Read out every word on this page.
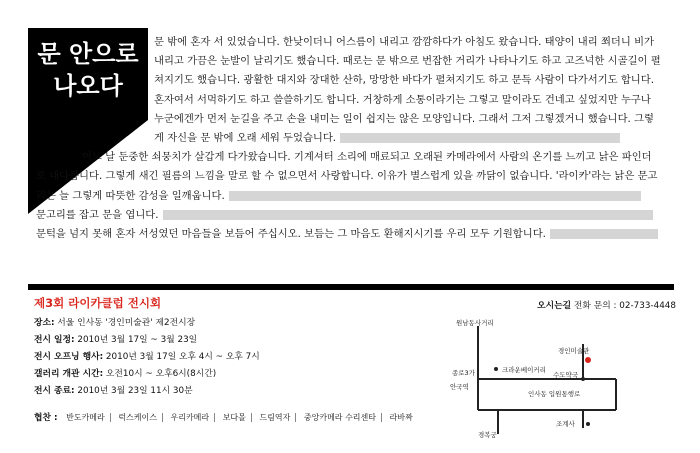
문 안으로
나오다
문 밖에 혼자 서 있었습니다. 한낮이더니 어스름이 내리고 깜깜하다가 아침도 왔습니다. 태양이 내리 쬐더니 비가
내리고 가끔은 눈발이 날리기도 했습니다. 때로는 문 밖으로 번잡한 거리가 나타나기도 하고 고즈넉한 시골길이 펼
쳐지기도 했습니다. 광활한 대지와 장대한 산하, 망망한 바다가 펼쳐지기도 하고 문득 사람이 다가서기도 합니다.
혼자여서 서먹하기도 하고 쓸쓸하기도 합니다. 거창하게 소통이라기는 그렇고 말이라도 건네고 싶었지만 누구나
누군에겐가 먼저 눈길을 주고 손을 내미는 일이 쉽지는 않은 모양입니다. 그래서 그저 그렇겠거니 했습니다. 그렇
게 자신을 문 밖에 오래 세워 두었습니다.
어느 날 둔중한 쇠뭉치가 살갑게 다가왔습니다. 기계셔터 소리에 매료되고 오래된 카메라에서 사람의 온기를 느끼고 낡은 파인더
로 내다봅니다. 그렇게 새긴 필름의 느낌을 말로 할 수 없으면서 사랑합니다. 이유가 별스럽게 있을 까닭이 없습니다. '라이카'라는 낡은 문고
리는 늘 그렇게 따뜻한 감성을 일깨웁니다.
문고리를 잡고 문을 엽니다.
문턱을 넘지 못해 혼자 서성였던 마음들을 보듬어 주십시오. 보듬는 그 마음도 환해지시기를 우리 모두 기원합니다.
제3회 라이카클럽 전시회
장소: 서울 인사동 '경인미술관' 제2전시장
전시 일정: 2010년 3월 17일 ~ 3월 23일
전시 오프닝 행사: 2010년 3월 17일 오후 4시 ~ 오후 7시
갤러리 개관 시간: 오전10시 ~ 오후6시(8시간)
전시 종료: 2010년 3월 23일 11시 30분
협찬 : 반도카메라 럭스케이스 우리카메라 보다몰 드림역자 중앙카메라 수리센타 라바짜
오시는길 전화 문의 : 02-733-4448
원남동사거리
경인미술관
크라운베이커리
수도약국
종로3가
안국역
인사동 입원통행로
경복궁
조계사
